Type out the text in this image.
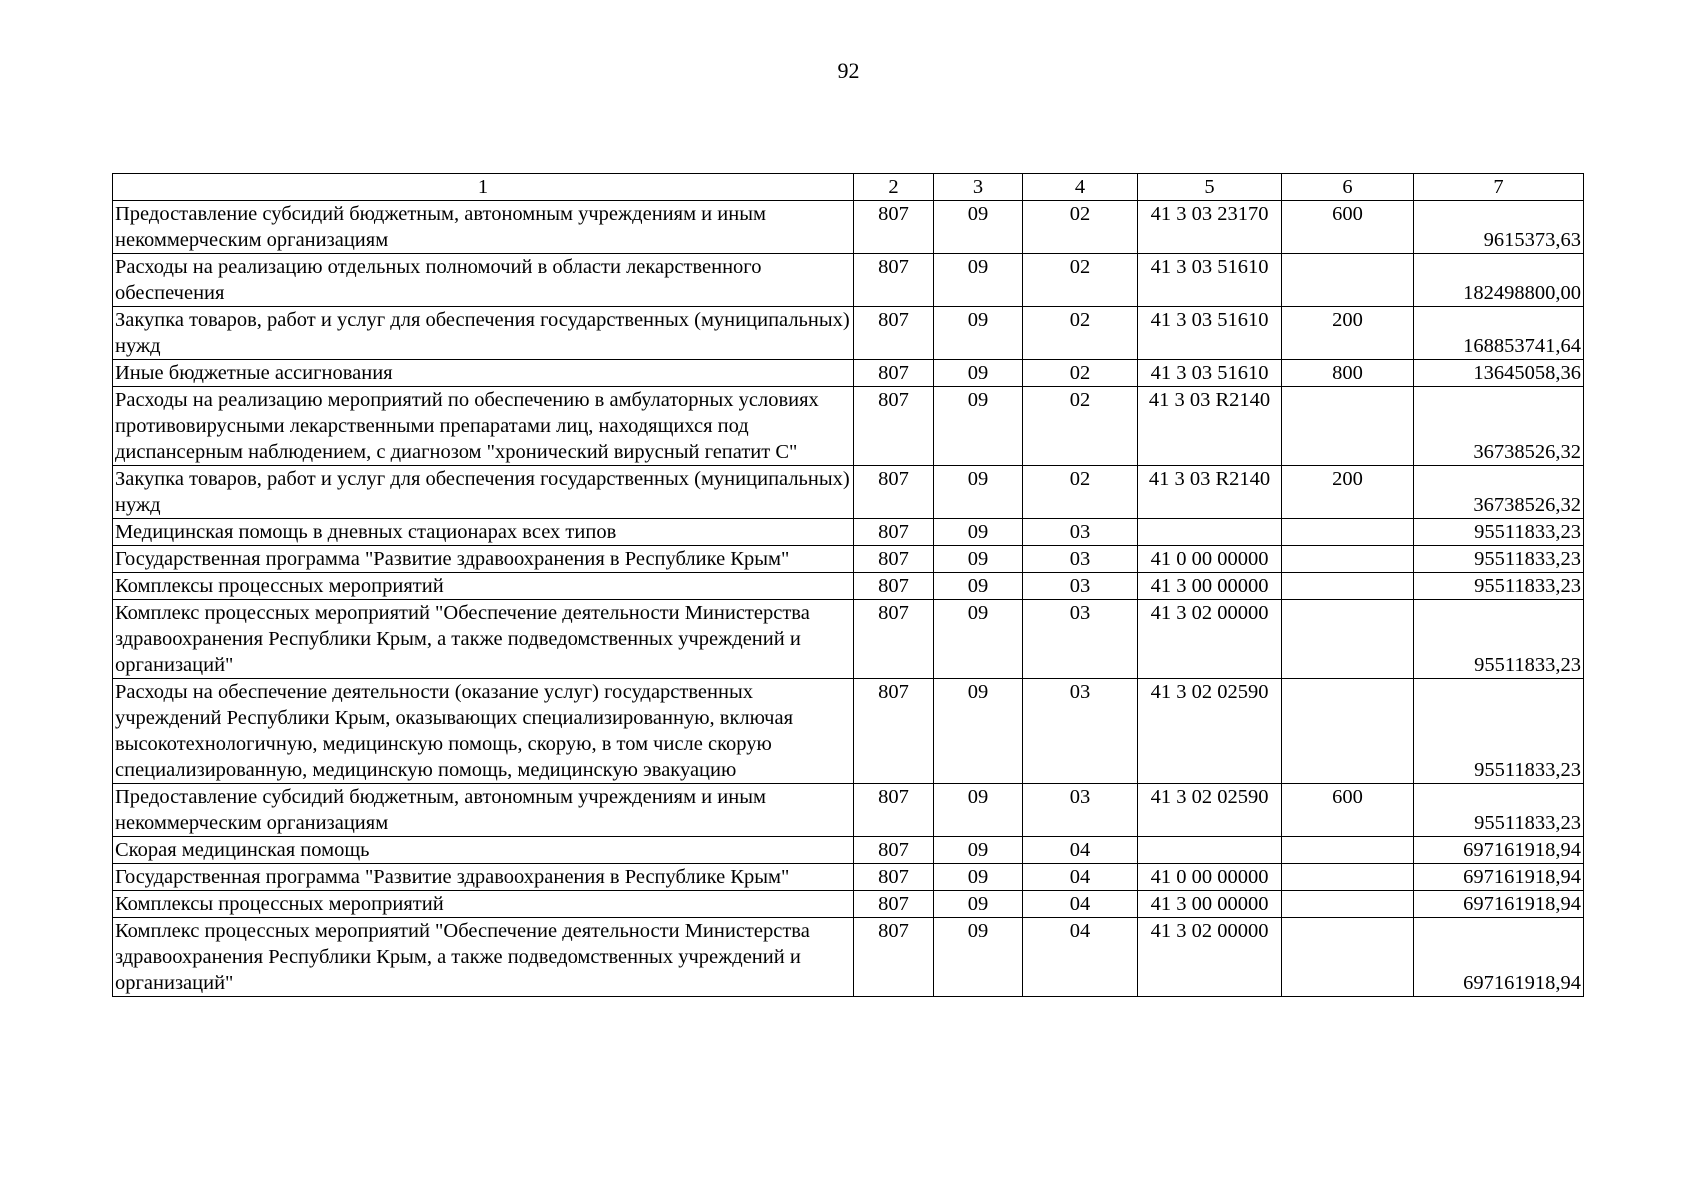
92
1	2	3	4	5	6	7
Предоставление субсидий бюджетным, автономным учреждениям и иным некоммерческим организациям	807	09	02	41 3 03 23170	600	9615373,63
Расходы на реализацию отдельных полномочий в области лекарственного обеспечения	807	09	02	41 3 03 51610		182498800,00
Закупка товаров, работ и услуг для обеспечения государственных (муниципальных) нужд	807	09	02	41 3 03 51610	200	168853741,64
Иные бюджетные ассигнования	807	09	02	41 3 03 51610	800	13645058,36
Расходы на реализацию мероприятий по обеспечению в амбулаторных условиях противовирусными лекарственными препаратами лиц, находящихся под диспансерным наблюдением, с диагнозом "хронический вирусный гепатит С"	807	09	02	41 3 03 R2140		36738526,32
Закупка товаров, работ и услуг для обеспечения государственных (муниципальных) нужд	807	09	02	41 3 03 R2140	200	36738526,32
Медицинская помощь в дневных стационарах всех типов	807	09	03			95511833,23
Государственная программа "Развитие здравоохранения в Республике Крым"	807	09	03	41 0 00 00000		95511833,23
Комплексы процессных мероприятий	807	09	03	41 3 00 00000		95511833,23
Комплекс процессных мероприятий "Обеспечение деятельности Министерства здравоохранения Республики Крым, а также подведомственных учреждений и организаций"	807	09	03	41 3 02 00000		95511833,23
Расходы на обеспечение деятельности (оказание услуг) государственных учреждений Республики Крым, оказывающих специализированную, включая высокотехнологичную, медицинскую помощь, скорую, в том числе скорую специализированную, медицинскую помощь, медицинскую эвакуацию	807	09	03	41 3 02 02590		95511833,23
Предоставление субсидий бюджетным, автономным учреждениям и иным некоммерческим организациям	807	09	03	41 3 02 02590	600	95511833,23
Скорая медицинская помощь	807	09	04			697161918,94
Государственная программа "Развитие здравоохранения в Республике Крым"	807	09	04	41 0 00 00000		697161918,94
Комплексы процессных мероприятий	807	09	04	41 3 00 00000		697161918,94
Комплекс процессных мероприятий "Обеспечение деятельности Министерства здравоохранения Республики Крым, а также подведомственных учреждений и организаций"	807	09	04	41 3 02 00000		697161918,94
